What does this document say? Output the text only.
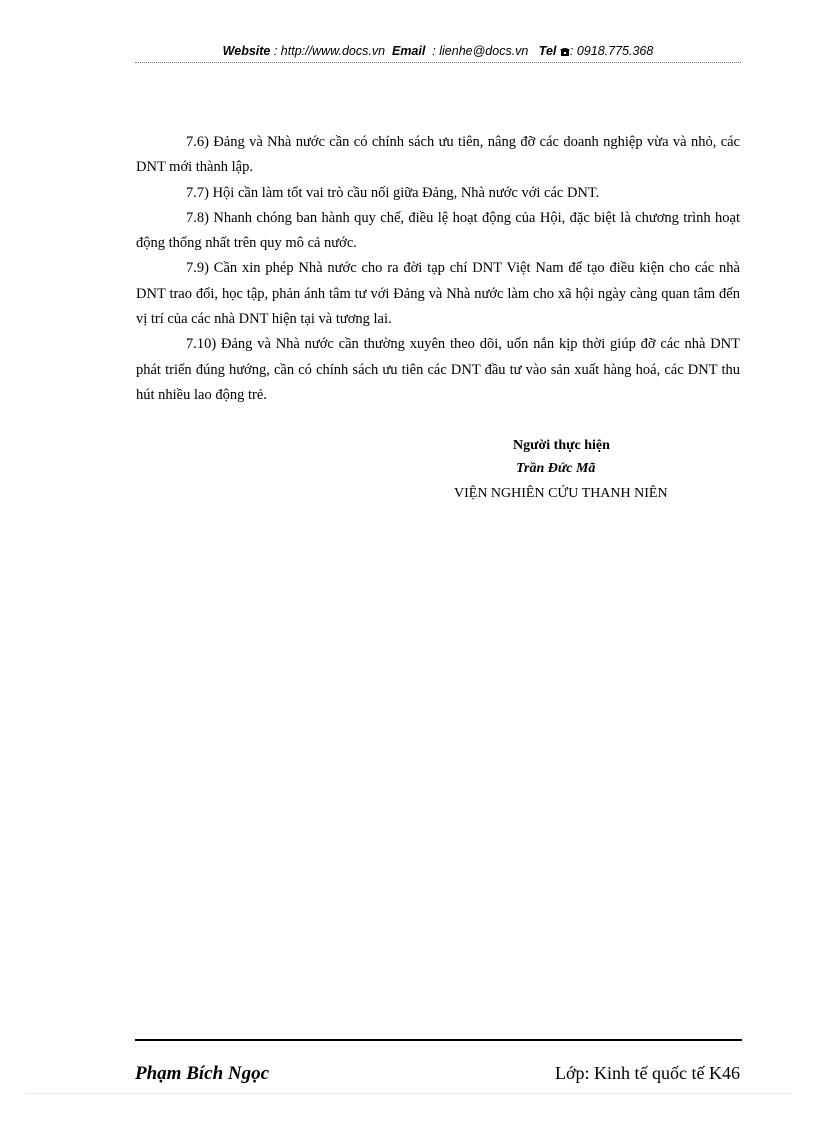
Website : http://www.docs.vn Email : lienhe@docs.vn Tel : 0918.775.368

7.6) Đảng và Nhà nước cần có chính sách ưu tiên, nâng đỡ các doanh nghiệp vừa và nhỏ, các DNT mới thành lập.

7.7) Hội cần làm tốt vai trò cầu nối giữa Đảng, Nhà nước với các DNT.

7.8) Nhanh chóng ban hành quy chế, điều lệ hoạt động của Hội, đặc biệt là chương trình hoạt động thống nhất trên quy mô cả nước.

7.9) Cần xin phép Nhà nước cho ra đời tạp chí DNT Việt Nam để tạo điều kiện cho các nhà DNT trao đổi, học tập, phản ánh tâm tư với Đảng và Nhà nước làm cho xã hội ngày càng quan tâm đến vị trí của các nhà DNT hiện tại và tương lai.

7.10) Đảng và Nhà nước cần thường xuyên theo dõi, uốn nắn kịp thời giúp đỡ các nhà DNT phát triển đúng hướng, cần có chính sách ưu tiên các DNT đầu tư vào sản xuất hàng hoá, các DNT thu hút nhiều lao động trẻ.

Người thực hiện
Trần Đức Mã
VIỆN NGHIÊN CỨU THANH NIÊN
Phạm Bích Ngọc	Lớp: Kinh tế quốc tế K46
